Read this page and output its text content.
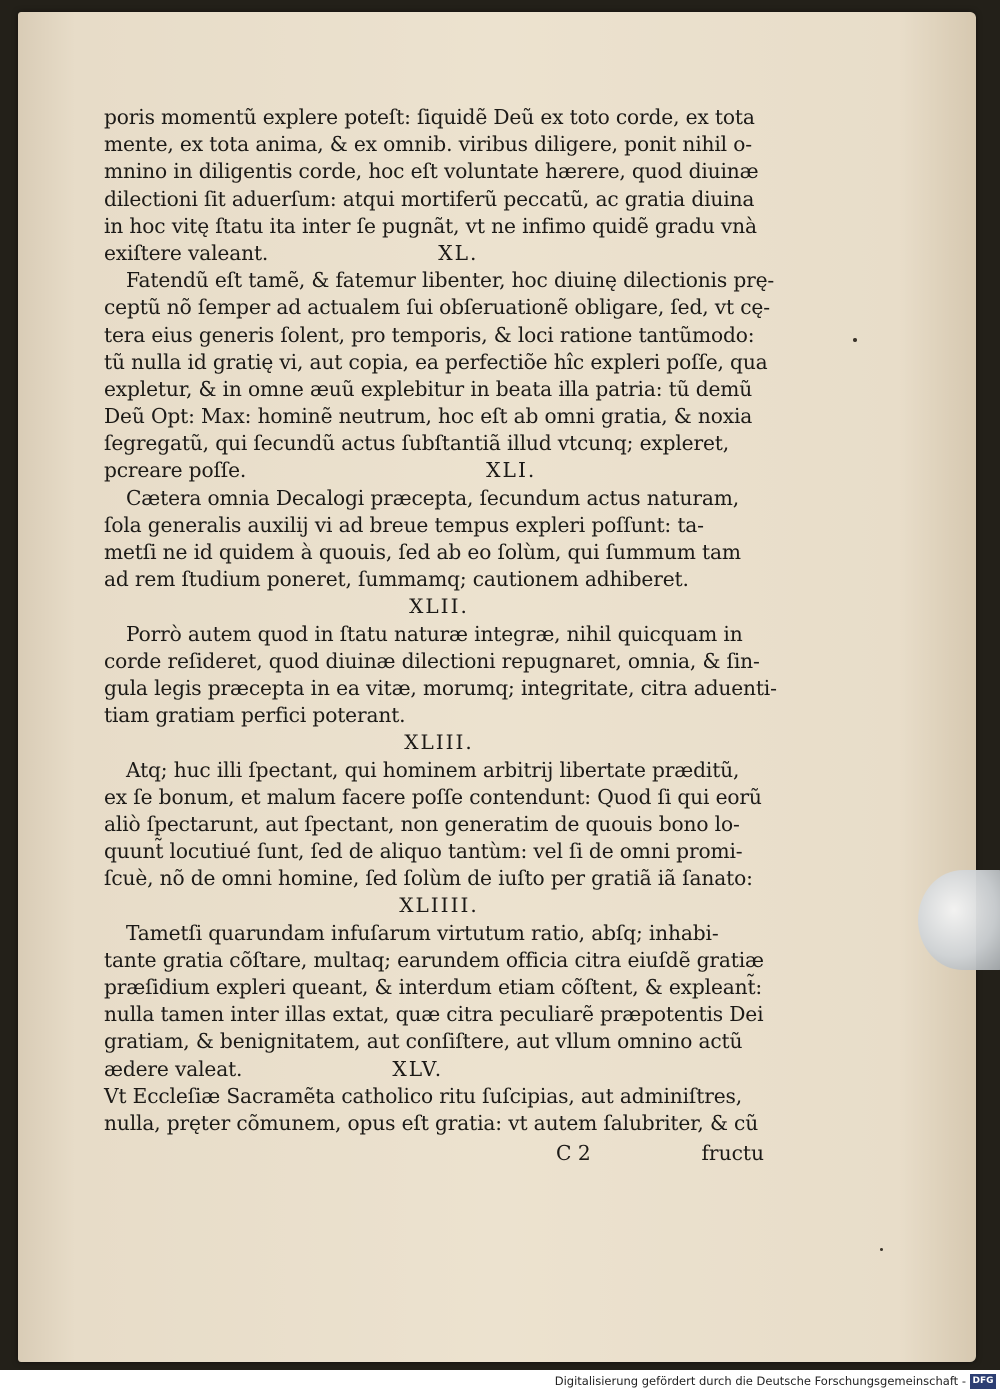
poris momentũ explere poteſt: ſiquidẽ Deũ ex toto corde, ex tota
mente, ex tota anima, & ex omnib. viribus diligere, ponit nihil o-
mnino in diligentis corde, hoc eſt voluntate hærere, quod diuinæ
dilectioni ſit aduerſum: atqui mortiferũ peccatũ, ac gratia diuina
in hoc vitę ſtatu ita inter ſe pugnãt, vt ne infimo quidẽ gradu vnà
exiſtere valeant.	XL.
Fatendũ eſt tamẽ, & fatemur libenter, hoc diuinę dilectionis prę-
ceptũ nõ ſemper ad actualem ſui obſeruationẽ obligare, ſed, vt cę-
tera eius generis ſolent, pro temporis, & loci ratione tantũmodo:
tũ nulla id gratię vi, aut copia, ea perfectiõe hîc expleri poſſe, qua
expletur, & in omne æuũ explebitur in beata illa patria: tũ demũ
Deũ Opt: Max: hominẽ neutrum, hoc eſt ab omni gratia, & noxia
ſegregatũ, qui ſecundũ actus ſubſtantiã illud vtcunq; expleret,
pcreare poſſe.	XLI.
Cætera omnia Decalogi præcepta, ſecundum actus naturam,
ſola generalis auxilij vi ad breue tempus expleri poſſunt: ta-
metſi ne id quidem à quouis, ſed ab eo ſolùm, qui ſummum tam
ad rem ſtudium poneret, ſummamq; cautionem adhiberet.
XLII.
Porrò autem quod in ſtatu naturæ integræ, nihil quicquam in
corde reſideret, quod diuinæ dilectioni repugnaret, omnia, & ſin-
gula legis præcepta in ea vitæ, morumq; integritate, citra aduenti-
tiam gratiam perfici poterant.
XLIII.
Atq; huc illi ſpectant, qui hominem arbitrij libertate præditũ,
ex ſe bonum, et malum facere poſſe contendunt: Quod ſi qui eorũ
aliò ſpectarunt, aut ſpectant, non generatim de quouis bono lo-
quunt̃ locutiué ſunt, ſed de aliquo tantùm: vel ſi de omni promi-
ſcuè, nõ de omni homine, ſed ſolùm de iuſto per gratiã iã ſanato:
XLIIII.
Tametſi quarundam infuſarum virtutum ratio, abſq; inhabi-
tante gratia cõſtare, multaq; earundem officia citra eiuſdẽ gratiæ
præſidium expleri queant, & interdum etiam cõſtent, & expleant̃:
nulla tamen inter illas extat, quæ citra peculiarẽ præpotentis Dei
gratiam, & benignitatem, aut conſiſtere, aut vllum omnino actũ
ædere valeat.	XLV.
Vt Eccleſiæ Sacramẽta catholico ritu ſuſcipias, aut adminiſtres,
nulla, pręter cõmunem, opus eſt gratia: vt autem ſalubriter, & cũ
C 2	fructu
Digitalisierung gefördert durch die Deutsche Forschungsgemeinschaft - DFG
